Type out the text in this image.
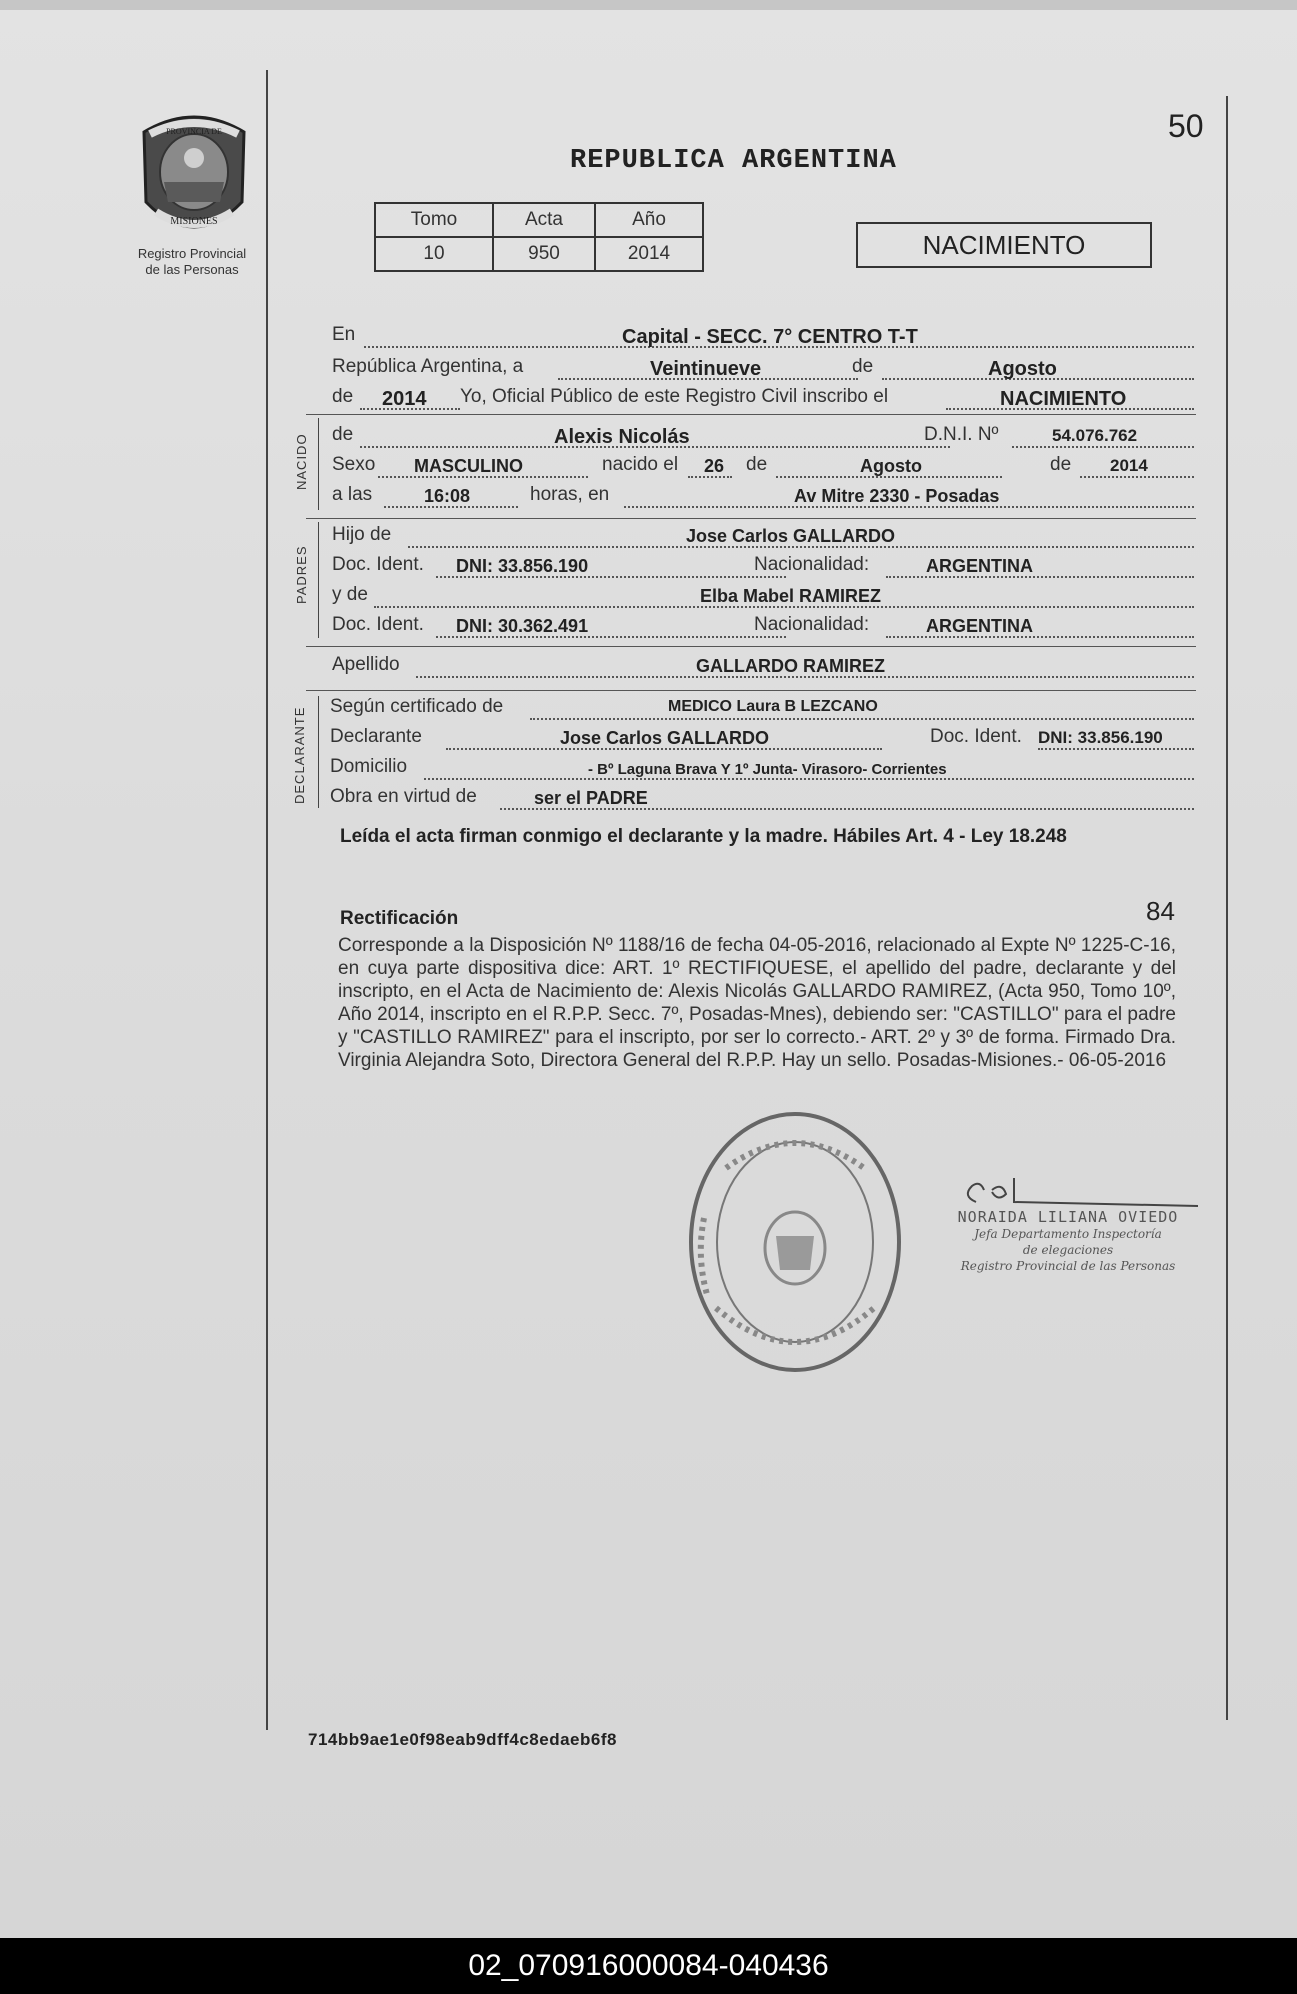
PROVINCIA DE
MISIONES
Registro Provincial
de las Personas
50
REPUBLICA ARGENTINA
Tomo	Acta	Año
10	950	2014	NACIMIENTO
En	Capital - SECC. 7° CENTRO T-T
República Argentina, a	Veintinueve	de	Agosto
de 2014 Yo, Oficial Público de este Registro Civil inscribo el	NACIMIENTO
NACIDO de	Alexis Nicolás	D.N.I. Nº	54.076.762
Sexo MASCULINO	nacido el 26 de	Agosto	de 2014
a las	16:08	horas, en	Av Mitre 2330 - Posadas
PADRES
Hijo de	Jose Carlos GALLARDO
Doc. Ident. DNI: 33.856.190	Nacionalidad:	ARGENTINA
y de	Elba Mabel RAMIREZ
Doc. Ident. DNI: 30.362.491	Nacionalidad:	ARGENTINA
Apellido	GALLARDO RAMIREZ
DECLARANTE
Según certificado de	MEDICO Laura B LEZCANO
Declarante	Jose Carlos GALLARDO	Doc. Ident. DNI: 33.856.190
Domicilio	- Bº Laguna Brava Y 1º Junta- Virasoro- Corrientes
Obra en virtud de	ser el PADRE
Leída el acta firman conmigo el declarante y la madre. Hábiles Art. 4 - Ley 18.248
Rectificación	84
Corresponde a la Disposición Nº 1188/16 de fecha 04-05-2016, relacionado al Expte Nº 1225-C-16, en cuya parte dispositiva dice: ART. 1º RECTIFIQUESE, el apellido del padre, declarante y del inscripto, en el Acta de Nacimiento de: Alexis Nicolás GALLARDO RAMIREZ, (Acta 950, Tomo 10º, Año 2014, inscripto en el R.P.P. Secc. 7º, Posadas-Mnes), debiendo ser: "CASTILLO" para el padre y "CASTILLO RAMIREZ" para el inscripto, por ser lo correcto.- ART. 2º y 3º de forma. Firmado Dra. Virginia Alejandra Soto, Directora General del R.P.P. Hay un sello. Posadas-Misiones.- 06-05-2016
NORAIDA LILIANA OVIEDO
Jefa Departamento Inspectoría
de elegaciones
Registro Provincial de las Personas
714bb9ae1e0f98eab9dff4c8edaeb6f8
02_070916000084-040436
